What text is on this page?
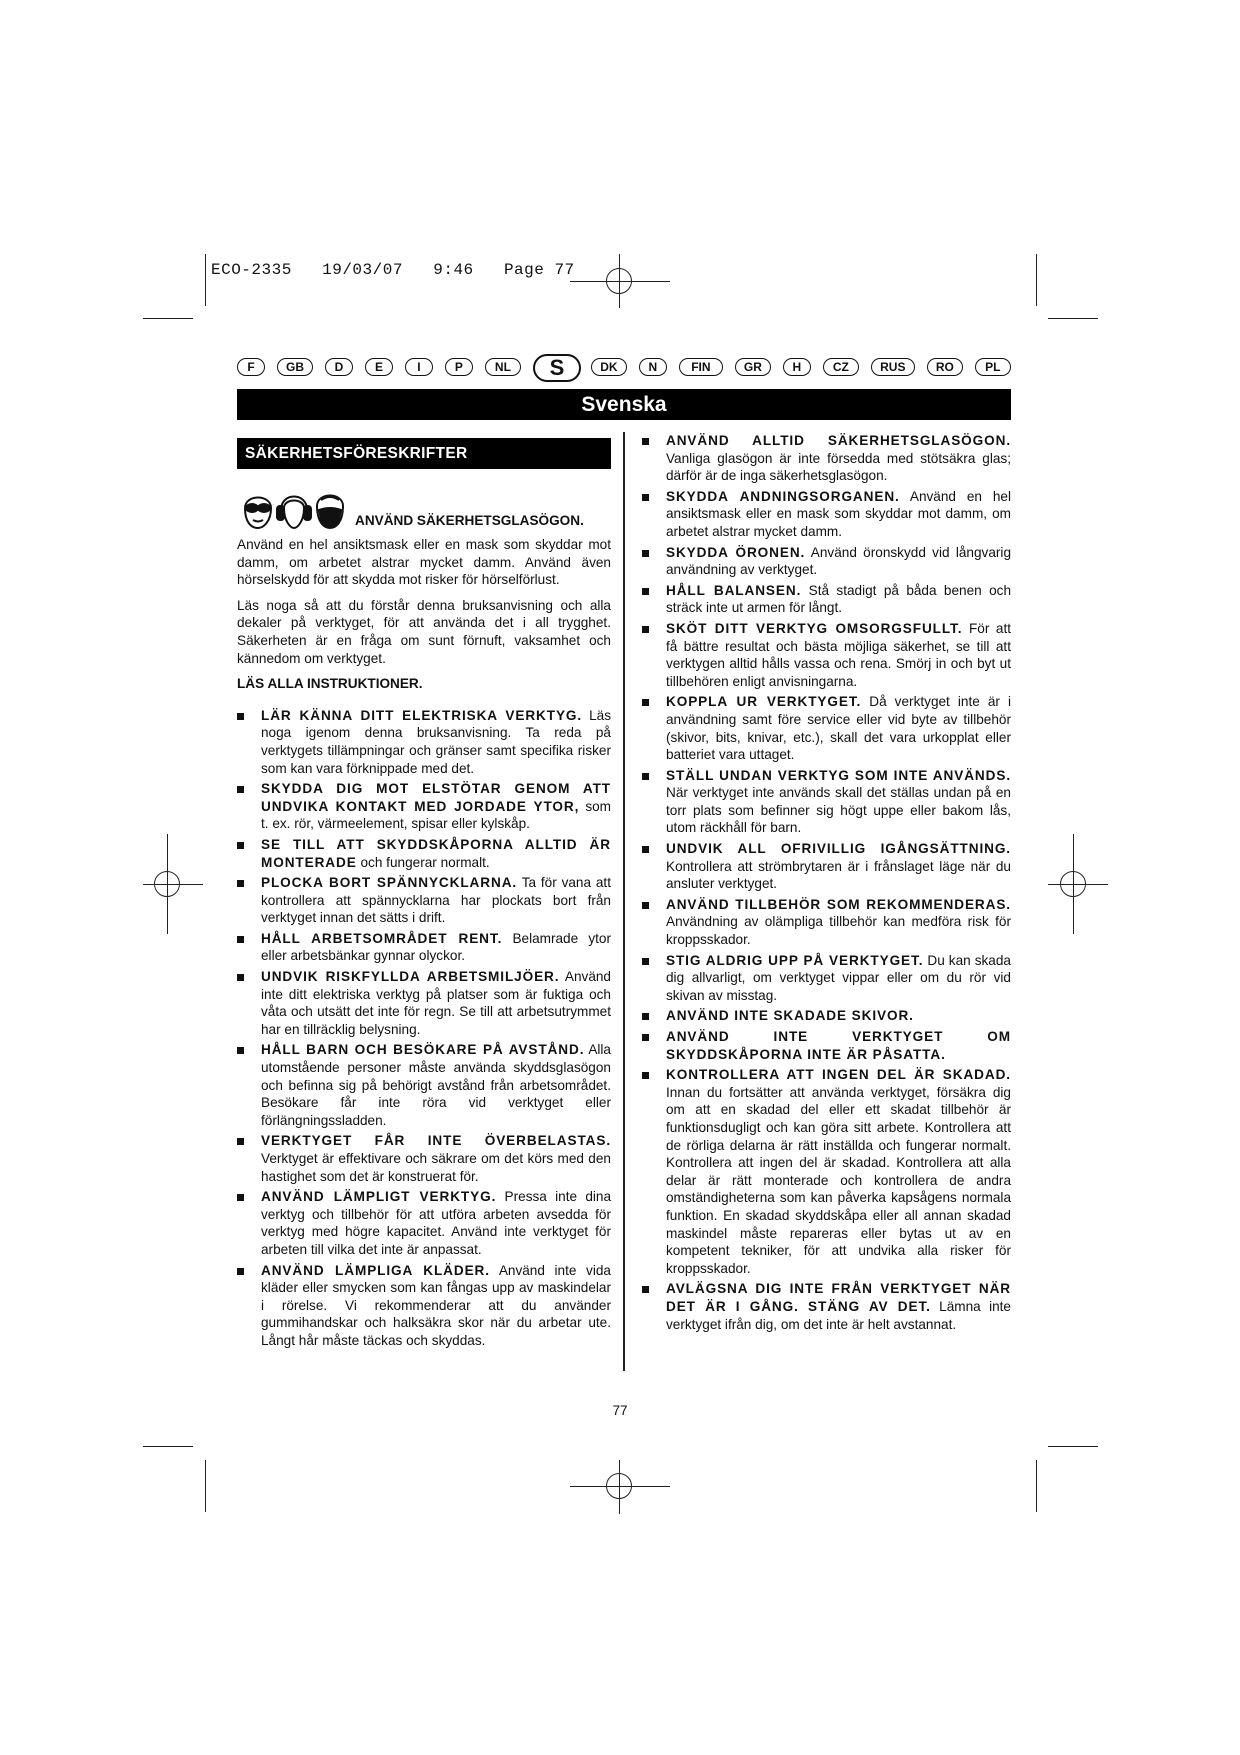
ECO-2335   19/03/07   9:46   Page 77
F	GB	D	E	I	P	NL	S	DK	N	FIN	GR	H	CZ	RUS	RO	PL
Svenska
SÄKERHETSFÖRESKRIFTER
ANVÄND SÄKERHETSGLASÖGON.

Använd en hel ansiktsmask eller en mask som skyddar mot damm, om arbetet alstrar mycket damm. Använd även hörselskydd för att skydda mot risker för hörselförlust.

Läs noga så att du förstår denna bruksanvisning och alla dekaler på verktyget, för att använda det i all trygghet. Säkerheten är en fråga om sunt förnuft, vaksamhet och kännedom om verktyget.

LÄS ALLA INSTRUKTIONER.
LÄR KÄNNA DITT ELEKTRISKA VERKTYG. Läs noga igenom denna bruksanvisning. Ta reda på verktygets tillämpningar och gränser samt specifika risker som kan vara förknippade med det.
SKYDDA DIG MOT ELSTÖTAR GENOM ATT UNDVIKA KONTAKT MED JORDADE YTOR, som t. ex. rör, värmeelement, spisar eller kylskåp.
SE TILL ATT SKYDDSKÅPORNA ALLTID ÄR MONTERADE och fungerar normalt.
PLOCKA BORT SPÄNNYCKLARNA. Ta för vana att kontrollera att spännycklarna har plockats bort från verktyget innan det sätts i drift.
HÅLL ARBETSOMRÅDET RENT. Belamrade ytor eller arbetsbänkar gynnar olyckor.
UNDVIK RISKFYLLDA ARBETSMILJÖER. Använd inte ditt elektriska verktyg på platser som är fuktiga och våta och utsätt det inte för regn. Se till att arbetsutrymmet har en tillräcklig belysning.
HÅLL BARN OCH BESÖKARE PÅ AVSTÅND. Alla utomstående personer måste använda skyddsglasögon och befinna sig på behörigt avstånd från arbetsområdet. Besökare får inte röra vid verktyget eller förlängningssladden.
VERKTYGET FÅR INTE ÖVERBELASTAS. Verktyget är effektivare och säkrare om det körs med den hastighet som det är konstruerat för.
ANVÄND LÄMPLIGT VERKTYG. Pressa inte dina verktyg och tillbehör för att utföra arbeten avsedda för verktyg med högre kapacitet. Använd inte verktyget för arbeten till vilka det inte är anpassat.
ANVÄND LÄMPLIGA KLÄDER. Använd inte vida kläder eller smycken som kan fångas upp av maskindelar i rörelse. Vi rekommenderar att du använder gummihandskar och halksäkra skor när du arbetar ute. Långt hår måste täckas och skyddas.
ANVÄND ALLTID SÄKERHETSGLASÖGON. Vanliga glasögon är inte försedda med stötsäkra glas; därför är de inga säkerhetsglasögon.
SKYDDA ANDNINGSORGANEN. Använd en hel ansiktsmask eller en mask som skyddar mot damm, om arbetet alstrar mycket damm.
SKYDDA ÖRONEN. Använd öronskydd vid långvarig användning av verktyget.
HÅLL BALANSEN. Stå stadigt på båda benen och sträck inte ut armen för långt.
SKÖT DITT VERKTYG OMSORGSFULLT. För att få bättre resultat och bästa möjliga säkerhet, se till att verktygen alltid hålls vassa och rena. Smörj in och byt ut tillbehören enligt anvisningarna.
KOPPLA UR VERKTYGET. Då verktyget inte är i användning samt före service eller vid byte av tillbehör (skivor, bits, knivar, etc.), skall det vara urkopplat eller batteriet vara uttaget.
STÄLL UNDAN VERKTYG SOM INTE ANVÄNDS. När verktyget inte används skall det ställas undan på en torr plats som befinner sig högt uppe eller bakom lås, utom räckhåll för barn.
UNDVIK ALL OFRIVILLIG IGÅNGSÄTTNING. Kontrollera att strömbrytaren är i frånslaget läge när du ansluter verktyget.
ANVÄND TILLBEHÖR SOM REKOMMENDERAS. Användning av olämpliga tillbehör kan medföra risk för kroppsskador.
STIG ALDRIG UPP PÅ VERKTYGET. Du kan skada dig allvarligt, om verktyget vippar eller om du rör vid skivan av misstag.
ANVÄND INTE SKADADE SKIVOR.
ANVÄND INTE VERKTYGET OM SKYDDSKÅPORNA INTE ÄR PÅSATTA.
KONTROLLERA ATT INGEN DEL ÄR SKADAD. Innan du fortsätter att använda verktyget, försäkra dig om att en skadad del eller ett skadat tillbehör är funktionsdugligt och kan göra sitt arbete. Kontrollera att de rörliga delarna är rätt inställda och fungerar normalt. Kontrollera att ingen del är skadad. Kontrollera att alla delar är rätt monterade och kontrollera de andra omständigheterna som kan påverka kapsågens normala funktion. En skadad skyddskåpa eller all annan skadad maskindel måste repareras eller bytas ut av en kompetent tekniker, för att undvika alla risker för kroppsskador.
AVLÄGSNA DIG INTE FRÅN VERKTYGET NÄR DET ÄR I GÅNG. STÄNG AV DET. Lämna inte verktyget ifrån dig, om det inte är helt avstannat.
77
